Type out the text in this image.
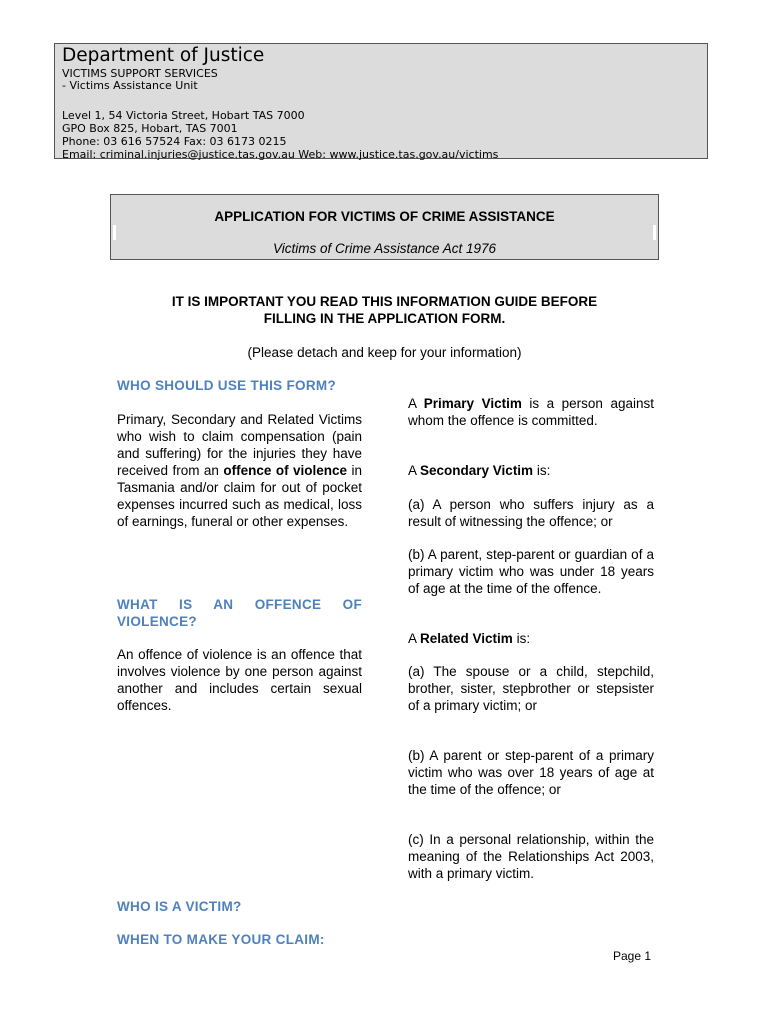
Department of Justice
VICTIMS SUPPORT SERVICES
- Victims Assistance Unit
Level 1, 54 Victoria Street, Hobart TAS 7000
GPO Box 825, Hobart, TAS 7001
Phone: 03 616 57524 Fax: 03 6173 0215
Email: criminal.injuries@justice.tas.gov.au Web: www.justice.tas.gov.au/victims
APPLICATION FOR VICTIMS OF CRIME ASSISTANCE
Victims of Crime Assistance Act 1976
IT IS IMPORTANT YOU READ THIS INFORMATION GUIDE BEFORE
FILLING IN THE APPLICATION FORM.
(Please detach and keep for your information)
WHO SHOULD USE THIS FORM?
Primary, Secondary and Related Victims who wish to claim compensation (pain and suffering) for the injuries they have received from an offence of violence in Tasmania and/or claim for out of pocket expenses incurred such as medical, loss of earnings, funeral or other expenses.
WHAT IS AN OFFENCE OF VIOLENCE?
An offence of violence is an offence that involves violence by one person against another and includes certain sexual offences.
WHO IS A VICTIM?
WHEN TO MAKE YOUR CLAIM:
A Primary Victim is a person against whom the offence is committed.
A Secondary Victim is:
(a) A person who suffers injury as a result of witnessing the offence; or
(b) A parent, step-parent or guardian of a primary victim who was under 18 years of age at the time of the offence.
A Related Victim is:
(a) The spouse or a child, stepchild, brother, sister, stepbrother or stepsister of a primary victim; or
(b) A parent or step-parent of a primary victim who was over 18 years of age at the time of the offence; or
(c) In a personal relationship, within the meaning of the Relationships Act 2003, with a primary victim.
Page 1
